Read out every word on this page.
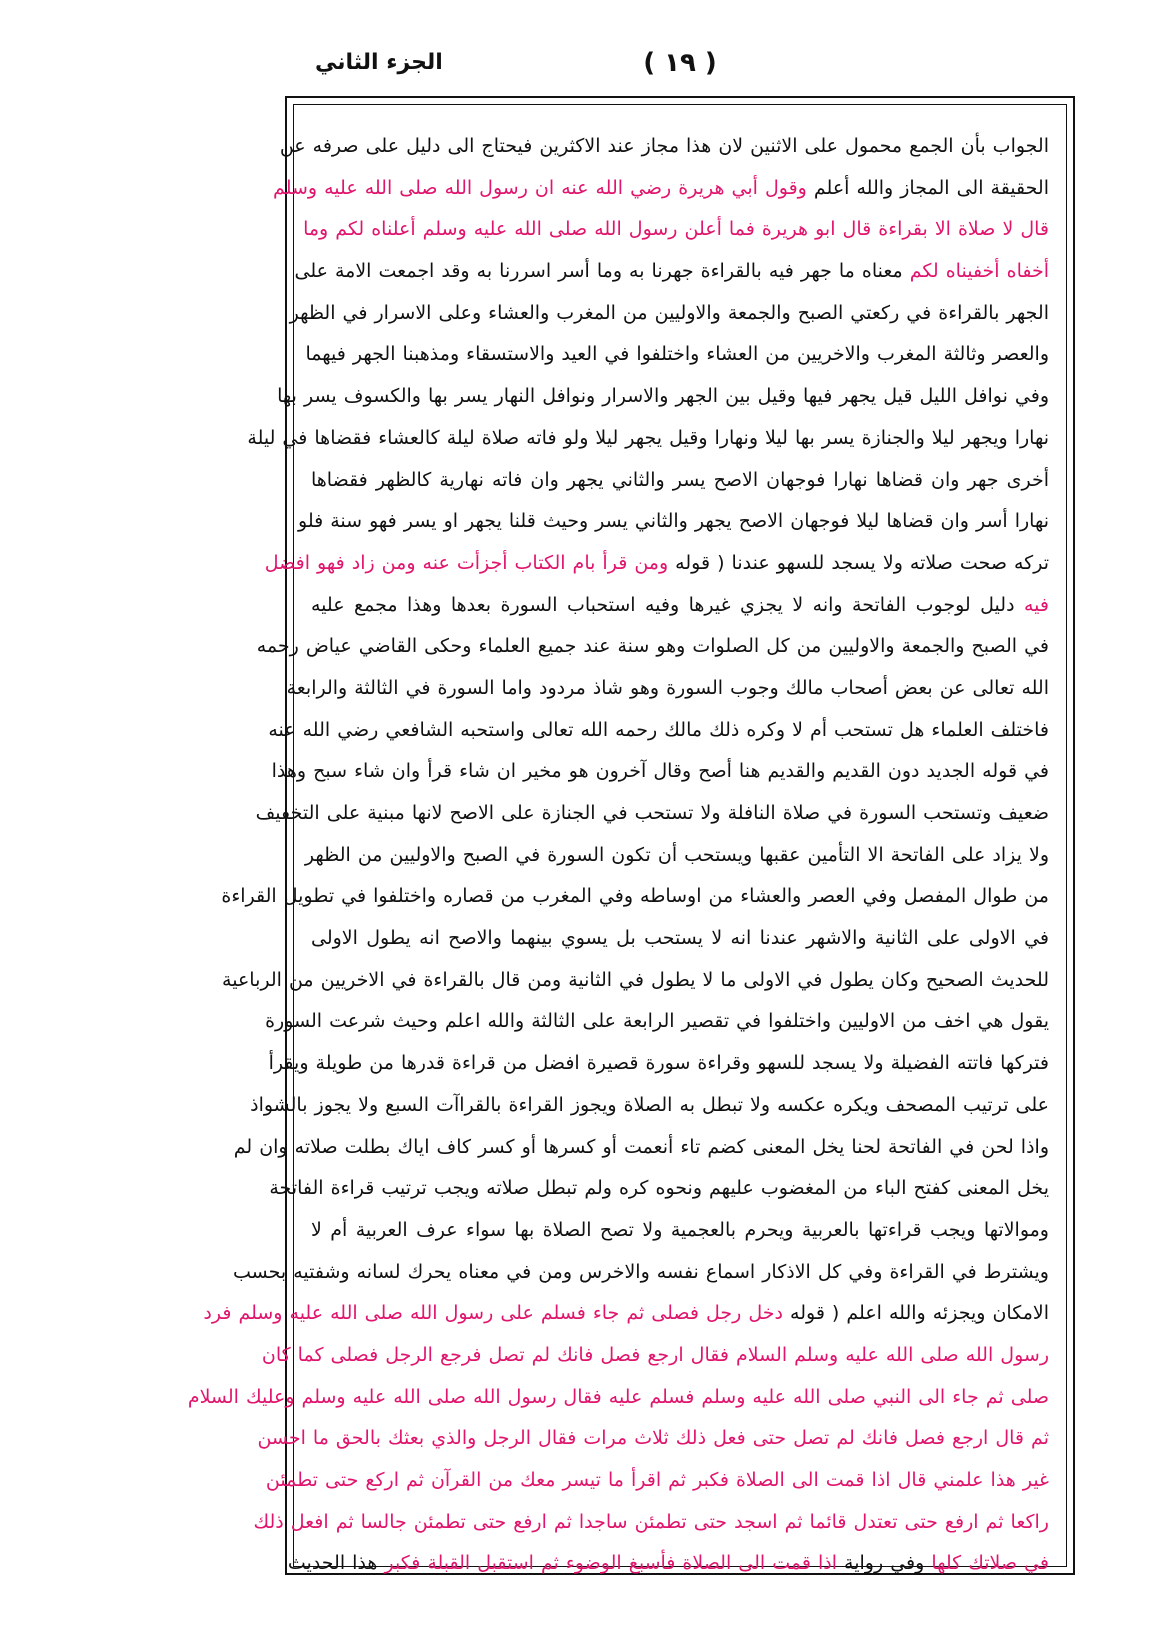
الجزء الثاني	( ١٩ )
الجواب بأن الجمع محمول على الاثنين لان هذا مجاز عند الاكثرين فيحتاج الى دليل على صرفه عن
الحقيقة الى المجاز والله أعلم وقول أبي هريرة رضي الله عنه ان رسول الله صلى الله عليه وسلم
قال لا صلاة الا بقراءة قال ابو هريرة فما أعلن رسول الله صلى الله عليه وسلم أعلناه لكم وما
أخفاه أخفيناه لكم معناه ما جهر فيه بالقراءة جهرنا به وما أسر اسررنا به وقد اجمعت الامة على
الجهر بالقراءة في ركعتي الصبح والجمعة والاوليين من المغرب والعشاء وعلى الاسرار في الظهر
والعصر وثالثة المغرب والاخريين من العشاء واختلفوا في العيد والاستسقاء ومذهبنا الجهر فيهما
وفي نوافل الليل قيل يجهر فيها وقيل بين الجهر والاسرار ونوافل النهار يسر بها والكسوف يسر بها
نهارا ويجهر ليلا والجنازة يسر بها ليلا ونهارا وقيل يجهر ليلا ولو فاته صلاة ليلة كالعشاء فقضاها في ليلة
أخرى جهر وان قضاها نهارا فوجهان الاصح يسر والثاني يجهر وان فاته نهارية كالظهر فقضاها
نهارا أسر وان قضاها ليلا فوجهان الاصح يجهر والثاني يسر وحيث قلنا يجهر او يسر فهو سنة فلو
تركه صحت صلاته ولا يسجد للسهو عندنا ( قوله ومن قرأ بام الكتاب أجزأت عنه ومن زاد فهو افضل
فيه دليل لوجوب الفاتحة وانه لا يجزي غيرها وفيه استحباب السورة بعدها وهذا مجمع عليه
في الصبح والجمعة والاوليين من كل الصلوات وهو سنة عند جميع العلماء وحكى القاضي عياض رحمه
الله تعالى عن بعض أصحاب مالك وجوب السورة وهو شاذ مردود واما السورة في الثالثة والرابعة
فاختلف العلماء هل تستحب أم لا وكره ذلك مالك رحمه الله تعالى واستحبه الشافعي رضي الله عنه
في قوله الجديد دون القديم والقديم هنا أصح وقال آخرون هو مخير ان شاء قرأ وان شاء سبح وهذا
ضعيف وتستحب السورة في صلاة النافلة ولا تستحب في الجنازة على الاصح لانها مبنية على التخفيف
ولا يزاد على الفاتحة الا التأمين عقبها ويستحب أن تكون السورة في الصبح والاوليين من الظهر
من طوال المفصل وفي العصر والعشاء من اوساطه وفي المغرب من قصاره واختلفوا في تطويل القراءة
في الاولى على الثانية والاشهر عندنا انه لا يستحب بل يسوي بينهما والاصح انه يطول الاولى
للحديث الصحيح وكان يطول في الاولى ما لا يطول في الثانية ومن قال بالقراءة في الاخريين من الرباعية
يقول هي اخف من الاوليين واختلفوا في تقصير الرابعة على الثالثة والله اعلم وحيث شرعت السورة
فتركها فاتته الفضيلة ولا يسجد للسهو وقراءة سورة قصيرة افضل من قراءة قدرها من طويلة ويقرأ
على ترتيب المصحف ويكره عكسه ولا تبطل به الصلاة ويجوز القراءة بالقراآت السبع ولا يجوز بالشواذ
واذا لحن في الفاتحة لحنا يخل المعنى كضم تاء أنعمت أو كسرها أو كسر كاف اياك بطلت صلاته وان لم
يخل المعنى كفتح الباء من المغضوب عليهم ونحوه كره ولم تبطل صلاته ويجب ترتيب قراءة الفاتحة
وموالاتها ويجب قراءتها بالعربية ويحرم بالعجمية ولا تصح الصلاة بها سواء عرف العربية أم لا
ويشترط في القراءة وفي كل الاذكار اسماع نفسه والاخرس ومن في معناه يحرك لسانه وشفتيه بحسب
الامكان ويجزئه والله اعلم ( قوله دخل رجل فصلى ثم جاء فسلم على رسول الله صلى الله عليه وسلم فرد
رسول الله صلى الله عليه وسلم السلام فقال ارجع فصل فانك لم تصل فرجع الرجل فصلى كما كان
صلى ثم جاء الى النبي صلى الله عليه وسلم فسلم عليه فقال رسول الله صلى الله عليه وسلم وعليك السلام
ثم قال ارجع فصل فانك لم تصل حتى فعل ذلك ثلاث مرات فقال الرجل والذي بعثك بالحق ما احسن
غير هذا علمني قال اذا قمت الى الصلاة فكبر ثم اقرأ ما تيسر معك من القرآن ثم اركع حتى تطمئن
راكعا ثم ارفع حتى تعتدل قائما ثم اسجد حتى تطمئن ساجدا ثم ارفع حتى تطمئن جالسا ثم افعل ذلك
في صلاتك كلها وفي رواية اذا قمت الى الصلاة فأسبغ الوضوء ثم استقبل القبلة فكبر هذا الحديث
